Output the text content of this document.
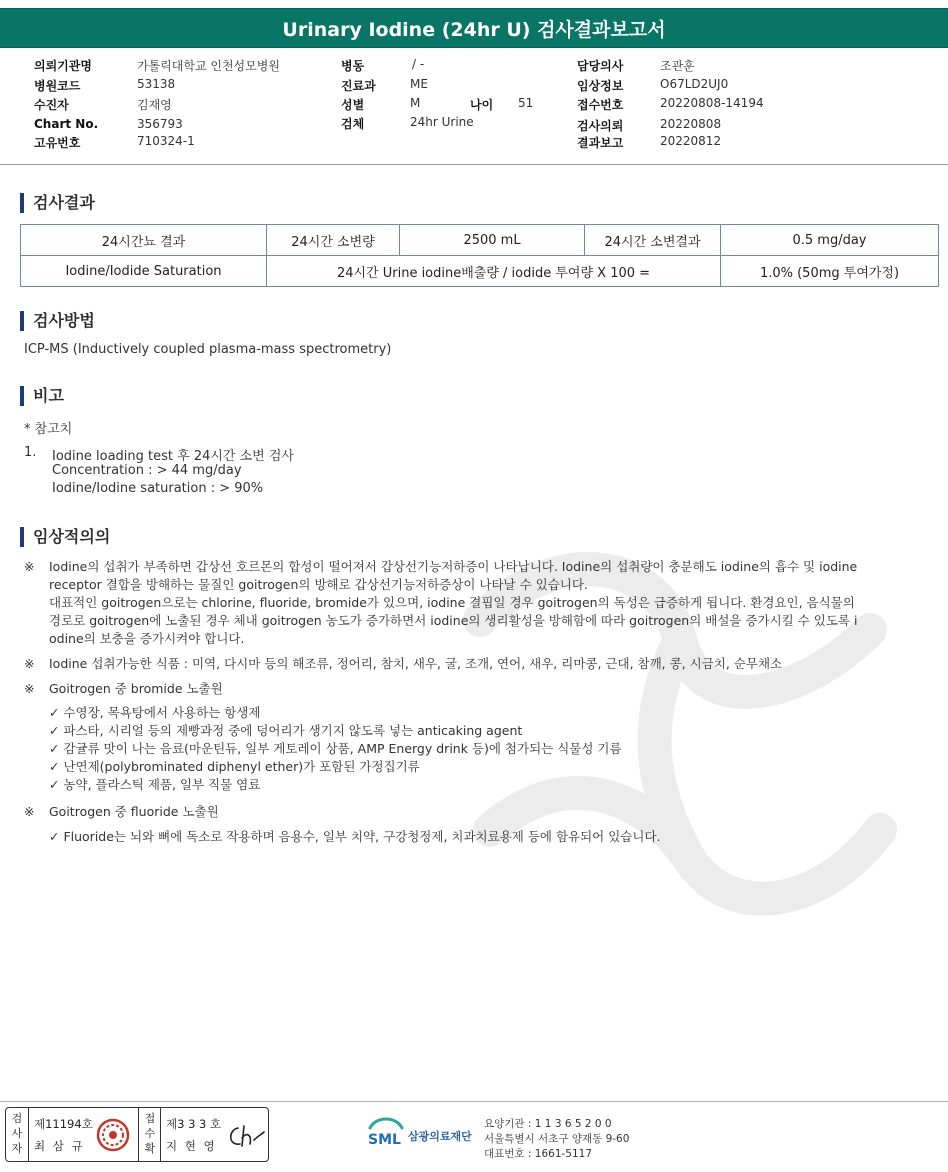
Urinary Iodine (24hr U) 검사결과보고서
의뢰기관명	가톨릭대학교 인천성모병원
병원코드	53138
수진자	김재영
Chart No.	356793
고유번호	710324-1
병동	/ -
진료과	ME
성별	M	나이 51
검체	24hr Urine
담당의사	조관훈
임상정보	O67LD2UJ0
접수번호	20220808-14194
검사의뢰	20220808
결과보고	20220812
검사결과
24시간뇨 결과	24시간 소변량	2500 mL	24시간 소변결과	0.5 mg/day
Iodine/Iodide Saturation	24시간 Urine iodine배출량 / iodide 투여량 X 100 =			1.0% (50mg 투여가정)
검사방법
ICP-MS (Inductively coupled plasma-mass spectrometry)
비고
* 참고치
1. Iodine loading test 후 24시간 소변 검사
Concentration : > 44 mg/day
Iodine/Iodine saturation : > 90%
임상적의의
※ Iodine의 섭취가 부족하면 갑상선 호르몬의 합성이 떨어져서 갑상선기능저하증이 나타납니다. Iodine의 섭취량이 충분해도 iodine의 흡수 및 iodine
receptor 결합을 방해하는 물질인 goitrogen의 방해로 갑상선기능저하증상이 나타날 수 있습니다.
대표적인 goitrogen으로는 chlorine, fluoride, bromide가 있으며, iodine 결핍일 경우 goitrogen의 독성은 급증하게 됩니다. 환경요인, 음식물의
경로로 goitrogen에 노출된 경우 체내 goitrogen 농도가 증가하면서 iodine의 생리활성을 방해함에 따라 goitrogen의 배설을 증가시킬 수 있도록 i
odine의 보충을 증가시켜야 합니다.
※ Iodine 섭취가능한 식품 : 미역, 다시마 등의 해조류, 정어리, 참치, 새우, 굴, 조개, 연어, 새우, 리마콩, 근대, 참깨, 콩, 시금치, 순무채소
※ Goitrogen 중 bromide 노출원
✓ 수영장, 목욕탕에서 사용하는 항생제
✓ 파스타, 시리얼 등의 제빵과정 중에 덩어리가 생기지 않도록 넣는 anticaking agent
✓ 감귤류 맛이 나는 음료(마운틴듀, 일부 게토레이 상품, AMP Energy drink 등)에 첨가되는 식물성 기름
✓ 난연제(polybrominated diphenyl ether)가 포함된 가정집기류
✓ 농약, 플라스틱 제품, 일부 직물 염료
※ Goitrogen 중 fluoride 노출원
✓ Fluoride는 뇌와 뼈에 독소로 작용하며 음용수, 일부 치약, 구강청정제, 치과치료용제 등에 함유되어 있습니다.
검
사
자
제11194호
최 삼 규
접
수
확
제3 3 3 호
지 현 영	SML 삼광의료재단
요양기관 : 1 1 3 6 5 2 0 0
서울특별시 서초구 양재동 9-60
대표번호 : 1661-5117
